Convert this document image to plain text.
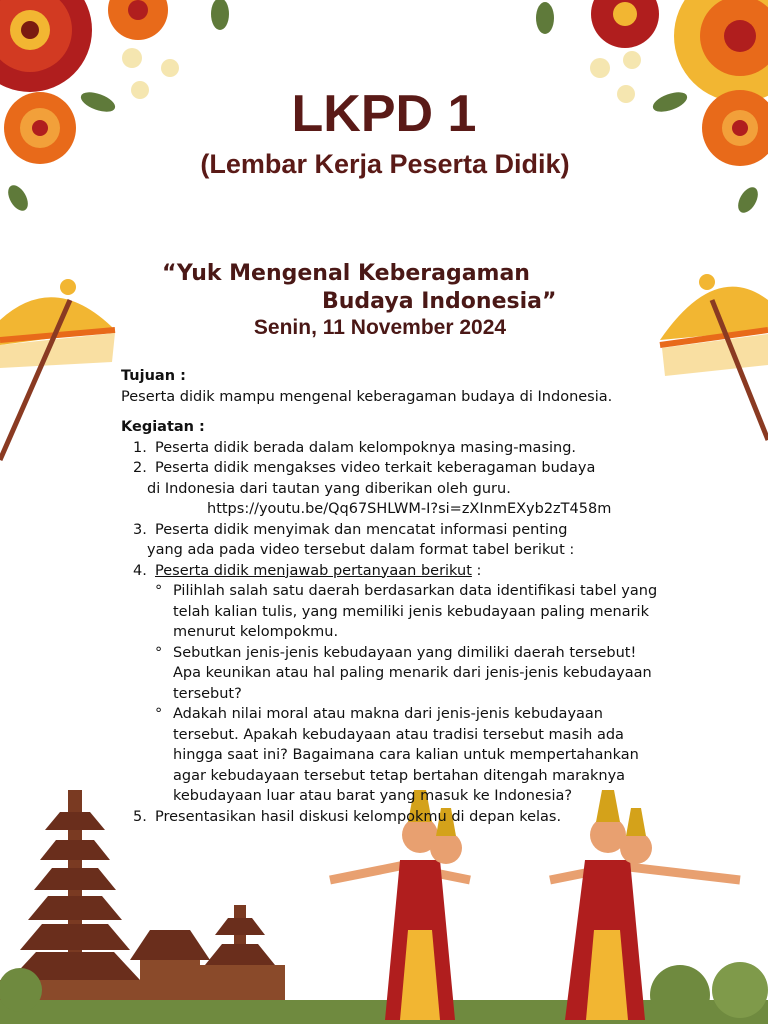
LKPD 1
(Lembar Kerja Peserta Didik)
“Yuk Mengenal Keberagaman
Budaya Indonesia”
Senin, 11 November 2024

Tujuan :

Peserta didik mampu mengenal keberagaman budaya di Indonesia.

Kegiatan :

1. Peserta didik berada dalam kelompoknya masing-masing.
2. Peserta didik mengakses video terkait keberagaman budaya
di Indonesia dari tautan yang diberikan oleh guru.
https://youtu.be/Qq67SHLWM-I?si=zXInmEXyb2zT458m
3. Peserta didik menyimak dan mencatat informasi penting
yang ada pada video tersebut dalam format tabel berikut :
4. Peserta didik menjawab pertanyaan berikut :
° Pilihlah salah satu daerah berdasarkan data identifikasi tabel yang telah kalian tulis, yang memiliki jenis kebudayaan paling menarik menurut kelompokmu.
° Sebutkan jenis-jenis kebudayaan yang dimiliki daerah tersebut! Apa keunikan atau hal paling menarik dari jenis-jenis kebudayaan tersebut?
° Adakah nilai moral atau makna dari jenis-jenis kebudayaan tersebut. Apakah kebudayaan atau tradisi tersebut masih ada hingga saat ini? Bagaimana cara kalian untuk mempertahankan agar kebudayaan tersebut tetap bertahan ditengah maraknya kebudayaan luar atau barat yang masuk ke Indonesia?
5. Presentasikan hasil diskusi kelompokmu di depan kelas.
